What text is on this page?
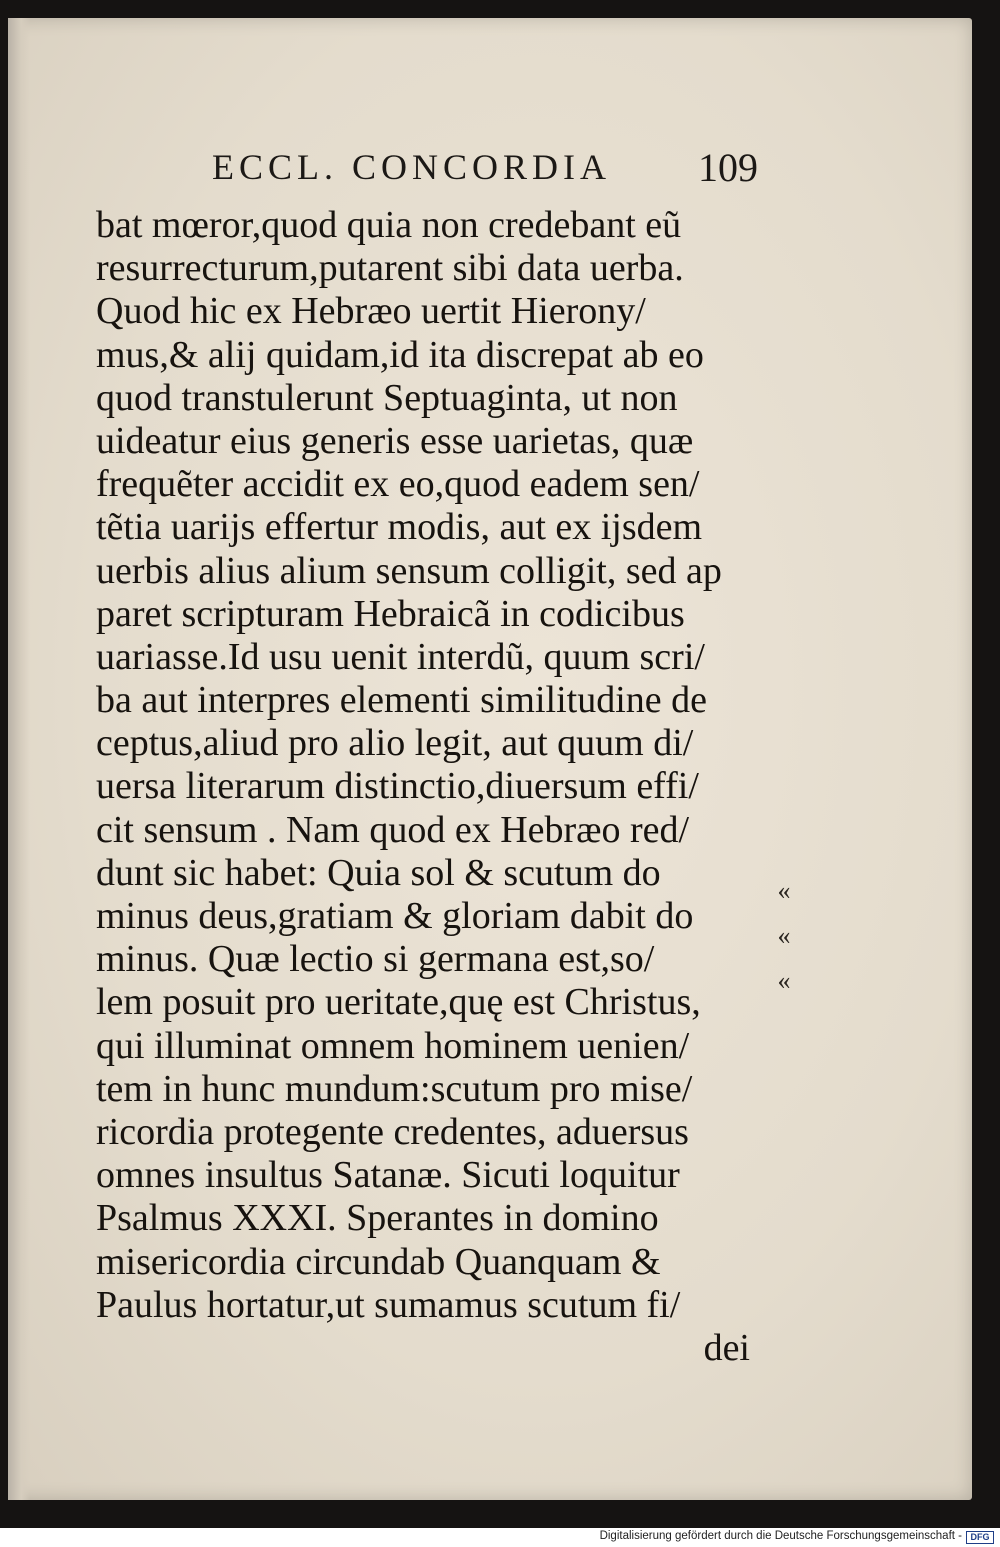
ECCL. CONCORDIA 109
bat mœror,quod quia non credebant eũ
resurrecturum,putarent sibi data uerba.
Quod hic ex Hebræo uertit Hierony/
mus,& alij quidam,id ita discrepat ab eo
quod transtulerunt Septuaginta, ut non
uideatur eius generis esse uarietas, quæ
frequẽter accidit ex eo,quod eadem sen/
tẽtia uarijs effertur modis, aut ex ijsdem
uerbis alius alium sensum colligit, sed ap
paret scripturam Hebraicã in codicibus
uariasse.Id usu uenit interdũ, quum scri/
ba aut interpres elementi similitudine de
ceptus,aliud pro alio legit, aut quum di/
uersa literarum distinctio,diuersum effi/
cit sensum . Nam quod ex Hebræo red/
dunt sic habet: Quia sol & scutum do
minus deus,gratiam & gloriam dabit do
minus. Quæ lectio si germana est,so/
lem posuit pro ueritate,quę est Christus,
qui illuminat omnem hominem uenien/
tem in hunc mundum:scutum pro mise/
ricordia protegente credentes, aduersus
omnes insultus Satanæ. Sicuti loquitur
Psalmus XXXI. Sperantes in domino
misericordia circundab Quanquam &
Paulus hortatur,ut sumamus scutum fi/
dei
«
«
«
Digitalisierung gefördert durch die Deutsche Forschungsgemeinschaft - DFG
